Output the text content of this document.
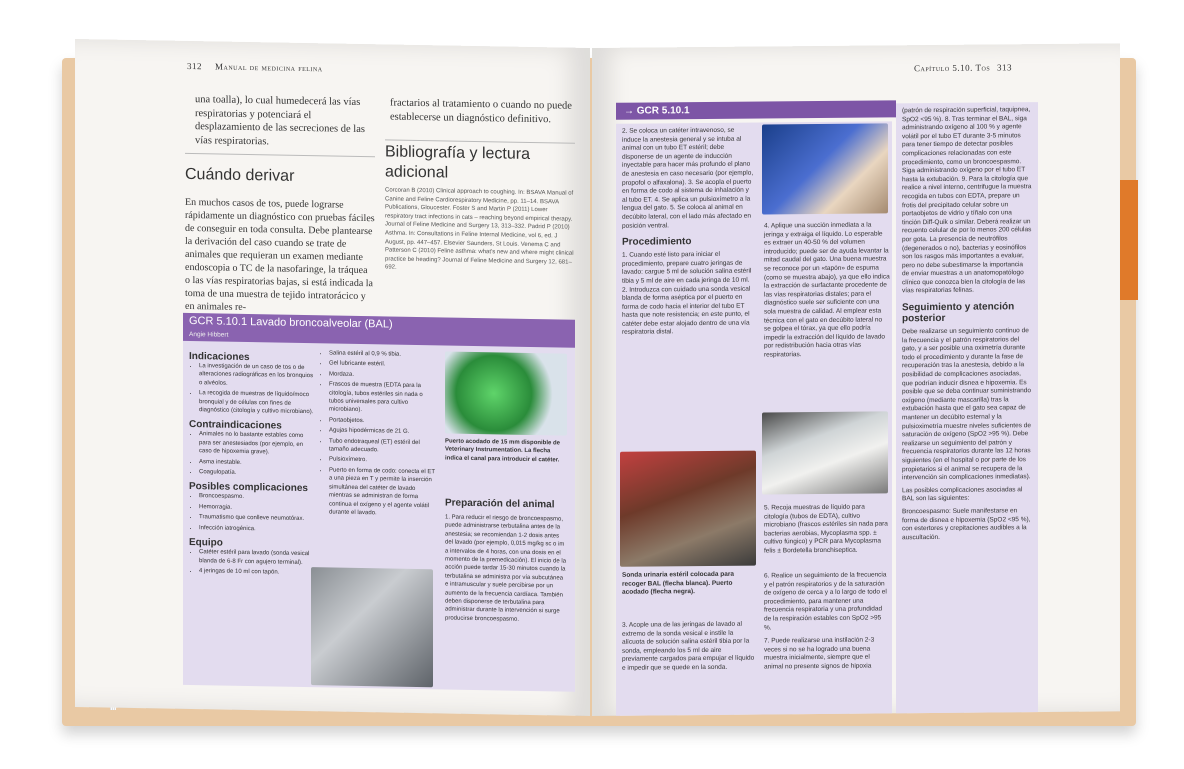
312 Manual de medicina felina
una toalla), lo cual humedecerá las vías respiratorias y potenciará el desplazamiento de las secreciones de las vías respiratorias.
fractarios al tratamiento o cuando no puede establecerse un diagnóstico definitivo.
Cuándo derivar
En muchos casos de tos, puede lograrse rápidamente un diagnóstico con pruebas fáciles de conseguir en toda consulta. Debe plantearse la derivación del caso cuando se trate de animales que requieran un examen mediante endoscopia o TC de la nasofaringe, la tráquea o las vías respiratorias bajas, si está indicada la toma de una muestra de tejido intratorácico y en animales re-
Bibliografía y lectura adicional
Corcoran B (2010) Clinical approach to coughing. In: BSAVA Manual of Canine and Feline Cardiorespiratory Medicine, pp. 11–14. BSAVA Publications, Gloucester. Foster S and Martin P (2011) Lower respiratory tract infections in cats – reaching beyond empirical therapy. Journal of Feline Medicine and Surgery 13, 313–332. Padrid P (2010) Asthma. In: Consultations in Feline Internal Medicine, vol 6, ed. J August, pp. 447–457. Elsevier Saunders, St Louis. Venema C and Patterson C (2010) Feline asthma: what's new and where might clinical practice be heading? Journal of Feline Medicine and Surgery 12, 681–692.
GCR 5.10.1 Lavado broncoalveolar (BAL)
Angie Hibbert
Indicaciones
• La investigación de un caso de tos o de alteraciones radiográficas en los bronquios o alvéolos.
• La recogida de muestras de líquido/moco bronquial y de células con fines de diagnóstico (citología y cultivo microbiano).
Contraindicaciones
• Animales no lo bastante estables como para ser anestesiados (por ejemplo, en caso de hipoxemia grave).
• Asma inestable.
• Coagulopatía.
Posibles complicaciones
• Broncoespasmo.
• Hemorragia.
• Traumatismo que conlleve neumotórax.
• Infección iatrogénica.
Equipo
• Catéter estéril para lavado (sonda vesical blanda de 6-8 Fr con agujero terminal).
• 4 jeringas de 10 ml con tapón.
• Salina estéril al 0,9 % tibia.
• Gel lubricante estéril.
• Mordaza.
• Frascos de muestra (EDTA para la citología, tubos estériles sin nada o tubos universales para cultivo microbiano).
• Portaobjetos.
• Agujas hipodérmicas de 21 G.
• Tubo endotraqueal (ET) estéril del tamaño adecuado.
• Pulsioxímetro.
• Puerto en forma de codo: conecta el ET a una pieza en T y permite la inserción simultánea del catéter de lavado mientras se administran de forma continua el oxígeno y el agente volátil durante el lavado.
Puerto acodado de 15 mm disponible de Veterinary Instrumentation. La flecha indica el canal para introducir el catéter.
Preparación del animal
1. Para reducir el riesgo de broncoespasmo, puede administrarse terbutalina antes de la anestesia; se recomiendan 1-2 dosis antes del lavado (por ejemplo, 0,015 mg/kg sc o im a intervalos de 4 horas, con una dosis en el momento de la premedicación). El inicio de la acción puede tardar 15-30 minutos cuando la terbutalina se administra por vía subcutánea e intramuscular y suele percibirse por un aumento de la frecuencia cardíaca. También deben disponerse de terbutalina para administrar durante la intervención si surge producirse broncoespasmo.
Capítulo 5.10. Tos 313
→ GCR 5.10.1
2. Se coloca un catéter intravenoso, se induce la anestesia general y se intuba al animal con un tubo ET estéril; debe disponerse de un agente de inducción inyectable para hacer más profundo el plano de anestesia en caso necesario (por ejemplo, propofol o alfaxalona). 3. Se acopla el puerto en forma de codo al sistema de inhalación y al tubo ET. 4. Se aplica un pulsioxímetro a la lengua del gato. 5. Se coloca al animal en decúbito lateral, con el lado más afectado en posición ventral.
Procedimiento
1. Cuando esté listo para iniciar el procedimiento, prepare cuatro jeringas de lavado: cargue 5 ml de solución salina estéril tibia y 5 ml de aire en cada jeringa de 10 ml. 2. Introduzca con cuidado una sonda vesical blanda de forma aséptica por el puerto en forma de codo hacia el interior del tubo ET hasta que note resistencia; en este punto, el catéter debe estar alojado dentro de una vía respiratoria distal.
Sonda urinaria estéril colocada para recoger BAL (flecha blanca). Puerto acodado (flecha negra).
3. Acople una de las jeringas de lavado al extremo de la sonda vesical e instile la alícuota de solución salina estéril tibia por la sonda, empleando los 5 ml de aire previamente cargados para empujar el líquido e impedir que se quede en la sonda.
4. Aplique una succión inmediata a la jeringa y extraiga el líquido. Lo esperable es extraer un 40-50 % del volumen introducido; puede ser de ayuda levantar la mitad caudal del gato. Una buena muestra se reconoce por un «tapón» de espuma (como se muestra abajo), ya que ello indica la extracción de surfactante procedente de las vías respiratorias distales; para el diagnóstico suele ser suficiente con una sola muestra de calidad. Al emplear esta técnica con el gato en decúbito lateral no se golpea el tórax, ya que ello podría impedir la extracción del líquido de lavado por redistribución hacia otras vías respiratorias.
5. Recoja muestras de líquido para citología (tubos de EDTA), cultivo microbiano (frascos estériles sin nada para bacterias aerobias, Mycoplasma spp. ± cultivo fúngico) y PCR para Mycoplasma felis ± Bordetella bronchiseptica.
6. Realice un seguimiento de la frecuencia y el patrón respiratorios y de la saturación de oxígeno de cerca y a lo largo de todo el procedimiento, para mantener una frecuencia respiratoria y una profundidad de la respiración estables con SpO2 >95 %.
7. Puede realizarse una instilación 2-3 veces si no se ha logrado una buena muestra inicialmente, siempre que el animal no presente signos de hipoxia
(patrón de respiración superficial, taquipnea, SpO2 <95 %). 8. Tras terminar el BAL, siga administrando oxígeno al 100 % y agente volátil por el tubo ET durante 3-5 minutos para tener tiempo de detectar posibles complicaciones relacionadas con este procedimiento, como un broncoespasmo. Siga administrando oxígeno por el tubo ET hasta la extubación. 9. Para la citología que realice a nivel interno, centrifugue la muestra recogida en tubos con EDTA, prepare un frotis del precipitado celular sobre un portaobjetos de vidrio y tíñalo con una tinción Diff-Quik o similar. Deberá realizar un recuento celular de por lo menos 200 células por gota. La presencia de neutrófilos (degenerados o no), bacterias y eosinófilos son los rasgos más importantes a evaluar, pero no debe subestimarse la importancia de enviar muestras a un anatomopatólogo clínico que conozca bien la citología de las vías respiratorias felinas.
Seguimiento y atención posterior
Debe realizarse un seguimiento continuo de la frecuencia y el patrón respiratorios del gato, y a ser posible una oximetría durante todo el procedimiento y durante la fase de recuperación tras la anestesia, debido a la posibilidad de complicaciones asociadas, que podrían inducir disnea e hipoxemia. Es posible que se deba continuar suministrando oxígeno (mediante mascarilla) tras la extubación hasta que el gato sea capaz de mantener un decúbito esternal y la pulsioximetría muestre niveles suficientes de saturación de oxígeno (SpO2 >95 %). Debe realizarse un seguimiento del patrón y frecuencia respiratorios durante las 12 horas siguientes (en el hospital o por parte de los propietarios si el animal se recupera de la intervención sin complicaciones inmediatas).
Las posibles complicaciones asociadas al BAL son las siguientes:
Broncoespasmo: Suele manifestarse en forma de disnea e hipoxemia (SpO2 <95 %), con estertores y crepitaciones audibles a la auscultación.
